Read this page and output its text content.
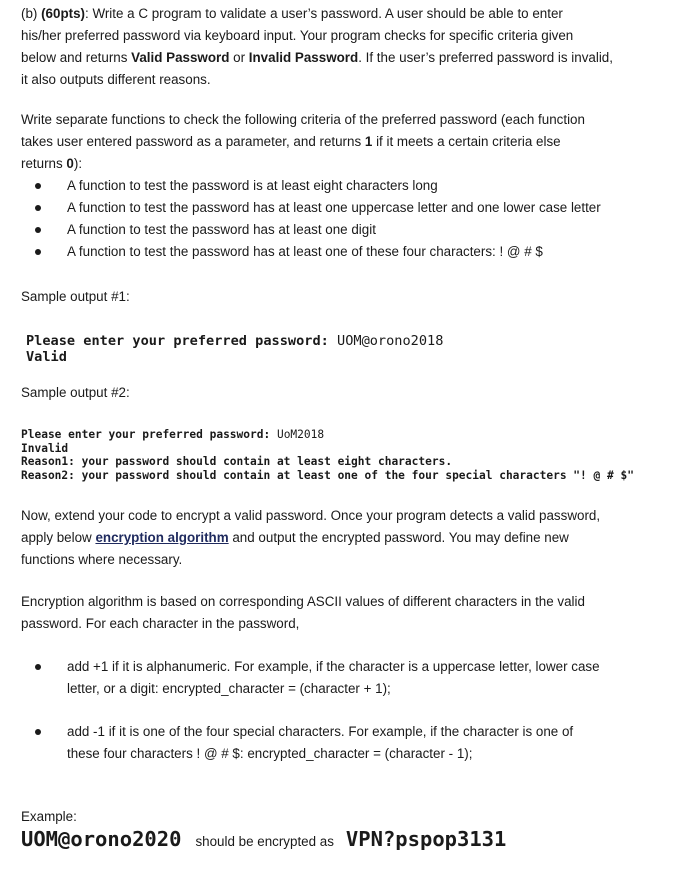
(b) (60pts): Write a C program to validate a user’s password. A user should be able to enter

his/her preferred password via keyboard input. Your program checks for specific criteria given

below and returns Valid Password or Invalid Password. If the user’s preferred password is invalid,

it also outputs different reasons.

Write separate functions to check the following criteria of the preferred password (each function

takes user entered password as a parameter, and returns 1 if it meets a certain criteria else

returns 0):

A function to test the password is at least eight characters long
A function to test the password has at least one uppercase letter and one lower case letter
A function to test the password has at least one digit
A function to test the password has at least one of these four characters: ! @ # $
Sample output #1:
Please enter your preferred password: UOM@orono2018
Valid
Sample output #2:
Please enter your preferred password: UoM2018
Invalid
Reason1: your password should contain at least eight characters.
Reason2: your password should contain at least one of the four special characters "! @ # $"

Now, extend your code to encrypt a valid password. Once your program detects a valid password,

apply below encryption algorithm and output the encrypted password. You may define new

functions where necessary.

Encryption algorithm is based on corresponding ASCII values of different characters in the valid

password. For each character in the password,

add +1 if it is alphanumeric. For example, if the character is a uppercase letter, lower case
letter, or a digit: encrypted_character = (character + 1);
add -1 if it is one of the four special characters. For example, if the character is one of
these four characters ! @ # $: encrypted_character = (character - 1);
Example:
UOM@orono2020 should be encrypted as VPN?pspop3131
